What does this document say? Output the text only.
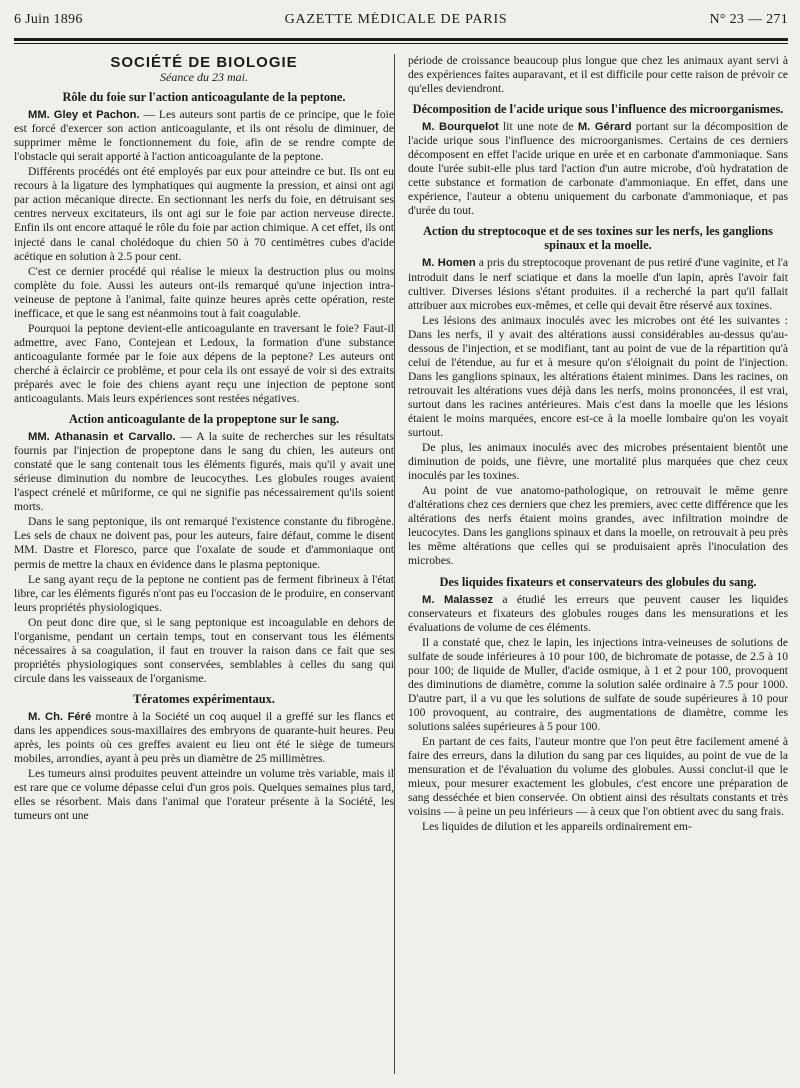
6 Juin 1896	GAZETTE MÉDICALE DE PARIS	N° 23 — 271
SOCIÉTÉ DE BIOLOGIE
Séance du 23 mai.
Rôle du foie sur l'action anticoagulante de la peptone.

MM. Gley et Pachon. — Les auteurs sont partis de ce principe, que le foie est forcé d'exercer son action anticoagulante, et ils ont résolu de diminuer, de supprimer même le fonctionnement du foie, afin de se rendre compte de l'obstacle qui serait apporté à l'action anticoagulante de la peptone.

Différents procédés ont été employés par eux pour atteindre ce but. Ils ont eu recours à la ligature des lymphatiques qui augmente la pression, et ainsi ont agi par action mécanique directe. En sectionnant les nerfs du foie, en détruisant ses centres nerveux excitateurs, ils ont agi sur le foie par action nerveuse directe. Enfin ils ont encore attaqué le rôle du foie par action chimique. A cet effet, ils ont injecté dans le canal cholédoque du chien 50 à 70 centimètres cubes d'acide acétique en solution à 2.5 pour cent.

C'est ce dernier procédé qui réalise le mieux la destruction plus ou moins complète du foie. Aussi les auteurs ont-ils remarqué qu'une injection intra-veineuse de peptone à l'animal, faite quinze heures après cette opération, reste inefficace, et que le sang est néanmoins tout à fait coagulable.

Pourquoi la peptone devient-elle anticoagulante en traversant le foie? Faut-il admettre, avec Fano, Contejean et Ledoux, la formation d'une substance anticoagulante formée par le foie aux dépens de la peptone? Les auteurs ont cherché à éclaircir ce problème, et pour cela ils ont essayé de voir si des extraits préparés avec le foie des chiens ayant reçu une injection de peptone sont anticoagulants. Mais leurs expériences sont restées négatives.

Action anticoagulante de la propeptone sur le sang.

MM. Athanasin et Carvallo. — A la suite de recherches sur les résultats fournis par l'injection de propeptone dans le sang du chien, les auteurs ont constaté que le sang contenait tous les éléments figurés, mais qu'il y avait une sérieuse diminution du nombre de leucocythes. Les globules rouges avaient l'aspect crénelé et mûriforme, ce qui ne signifie pas nécessairement qu'ils soient morts.

Dans le sang peptonique, ils ont remarqué l'existence constante du fibrogène. Les sels de chaux ne doivent pas, pour les auteurs, faire défaut, comme le disent MM. Dastre et Floresco, parce que l'oxalate de soude et d'ammoniaque ont permis de mettre la chaux en évidence dans le plasma peptonique.

Le sang ayant reçu de la peptone ne contient pas de ferment fibrineux à l'état libre, car les éléments figurés n'ont pas eu l'occasion de le produire, en conservant leurs propriétés physiologiques.

On peut donc dire que, si le sang peptonique est incoagulable en dehors de l'organisme, pendant un certain temps, tout en conservant tous les éléments nécessaires à sa coagulation, il faut en trouver la raison dans ce fait que ses propriétés physiologiques sont conservées, semblables à celles du sang qui circule dans les vaisseaux de l'organisme.

Tératomes expérimentaux.

M. Ch. Féré montre à la Société un coq auquel il a greffé sur les flancs et dans les appendices sous-maxillaires des embryons de quarante-huit heures. Peu après, les points où ces greffes avaient eu lieu ont été le siège de tumeurs mobiles, arrondies, ayant à peu près un diamètre de 25 millimètres.

Les tumeurs ainsi produites peuvent atteindre un volume très variable, mais il est rare que ce volume dépasse celui d'un gros pois. Quelques semaines plus tard, elles se résorbent. Mais dans l'animal que l'orateur présente à la Société, les tumeurs ont une

période de croissance beaucoup plus longue que chez les animaux ayant servi à des expériences faites auparavant, et il est difficile pour cette raison de prévoir ce qu'elles deviendront.

Décomposition de l'acide urique sous l'influence des microorganismes.

M. Bourquelot lit une note de M. Gérard portant sur la décomposition de l'acide urique sous l'influence des microorganismes. Certains de ces derniers décomposent en effet l'acide urique en urée et en carbonate d'ammoniaque. Sans doute l'urée subit-elle plus tard l'action d'un autre microbe, d'où hydratation de cette substance et formation de carbonate d'ammoniaque. En effet, dans une expérience, l'auteur a obtenu uniquement du carbonate d'ammoniaque, et pas d'urée du tout.

Action du streptocoque et de ses toxines sur les nerfs, les ganglions spinaux et la moelle.

M. Homen a pris du streptocoque provenant de pus retiré d'une vaginite, et l'a introduit dans le nerf sciatique et dans la moelle d'un lapin, après l'avoir fait cultiver. Diverses lésions s'étant produites. il a recherché la part qu'il fallait attribuer aux microbes eux-mêmes, et celle qui devait être réservé aux toxines.

Les lésions des animaux inoculés avec les microbes ont été les suivantes : Dans les nerfs, il y avait des altérations aussi considérables au-dessus qu'au-dessous de l'injection, et se modifiant, tant au point de vue de la répartition qu'à celui de l'étendue, au fur et à mesure qu'on s'éloignait du point de l'injection. Dans les ganglions spinaux, les altérations étaient minimes. Dans les racines, on retrouvait les altérations vues déjà dans les nerfs, moins prononcées, il est vrai, surtout dans les racines antérieures. Mais c'est dans la moelle que les lésions étaient le moins marquées, encore est-ce à la moelle lombaire qu'on les voyait surtout.

De plus, les animaux inoculés avec des microbes présentaient bientôt une diminution de poids, une fièvre, une mortalité plus marquées que chez ceux inoculés par les toxines.

Au point de vue anatomo-pathologique, on retrouvait le même genre d'altérations chez ces derniers que chez les premiers, avec cette différence que les altérations des nerfs étaient moins grandes, avec infiltration moindre de leucocytes. Dans les ganglions spinaux et dans la moelle, on retrouvait à peu près les même altérations que celles qui se produisaient après l'inoculation des microbes.

Des liquides fixateurs et conservateurs des globules du sang.

M. Malassez a étudié les erreurs que peuvent causer les liquides conservateurs et fixateurs des globules rouges dans les mensurations et les évaluations de volume de ces éléments.

Il a constaté que, chez le lapin, les injections intra-veineuses de solutions de sulfate de soude inférieures à 10 pour 100, de bichromate de potasse, de 2.5 à 10 pour 100; de liquide de Muller, d'acide osmique, à 1 et 2 pour 100, provoquent des diminutions de diamètre, comme la solution salée ordinaire à 7.5 pour 1000. D'autre part, il a vu que les solutions de sulfate de soude supérieures à 10 pour 100 provoquent, au contraire, des augmentations de diamètre, comme les solutions salées supérieures à 5 pour 100.

En partant de ces faits, l'auteur montre que l'on peut être facilement amené à faire des erreurs, dans la dilution du sang par ces liquides, au point de vue de la mensuration et de l'évaluation du volume des globules. Aussi conclut-il que le mieux, pour mesurer exactement les globules, c'est encore une préparation de sang desséchée et bien conservée. On obtient ainsi des résultats constants et très voisins — à peine un peu inférieurs — à ceux que l'on obtient avec du sang frais.

Les liquides de dilution et les appareils ordinairement em-
